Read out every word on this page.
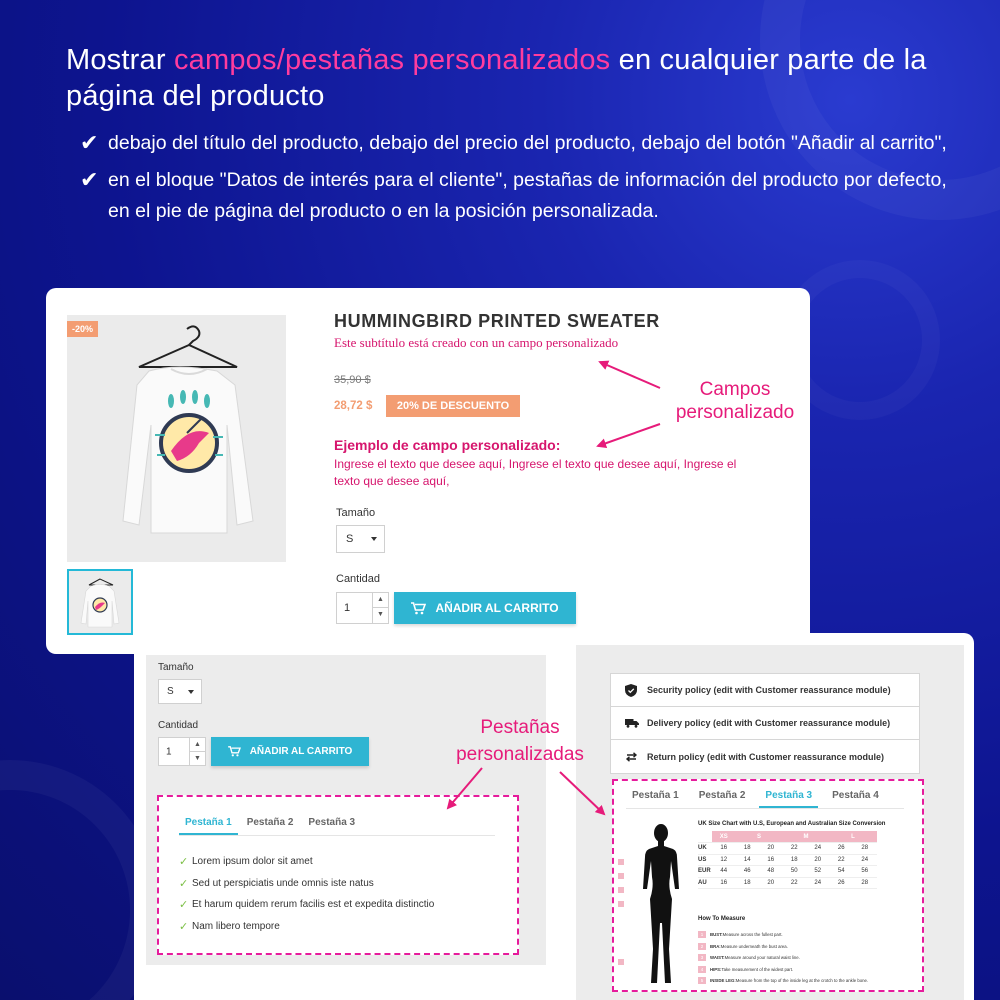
Mostrar campos/pestañas personalizados en cualquier parte de la página del producto
✔ debajo del título del producto, debajo del precio del producto, debajo del botón "Añadir al carrito",
✔ en el bloque "Datos de interés para el cliente", pestañas de información del producto por defecto, en el pie de página del producto o en la posición personalizada.
-20%	HUMMINGBIRD PRINTED SWEATER
Este subtítulo está creado con un campo personalizado
35,90 $
28,72 $	20% DE DESCUENTO
Ejemplo de campo personalizado:
Ingrese el texto que desee aquí, Ingrese el texto que desee aquí, Ingrese el texto que desee aquí,
Tamaño
S
Cantidad
1
▲
▼	AÑADIR AL CARRITO
Campos personalizado
Tamaño
S
Cantidad
1
▲
▼
AÑADIR AL CARRITO
Pestaña 1	Pestaña 2	Pestaña 3
✓ Lorem ipsum dolor sit amet
✓ Sed ut perspiciatis unde omnis iste natus
✓ Et harum quidem rerum facilis est et expedita distinctio
✓ Nam libero tempore
Security policy (edit with Customer reassurance module)
Delivery policy (edit with Customer reassurance module)
Return policy (edit with Customer reassurance module)
Pestaña 1	Pestaña 2	Pestaña 3	Pestaña 4
UK Size Chart with U.S, European and Australian Size Conversion
	XS	S		M		L	
UK	16	18	20	22	24	26	28
US	12	14	16	18	20	22	24
EUR	44	46	48	50	52	54	56
AU	16	18	20	22	24	26	28
How To Measure
1	BUST: Measure across the fullest part.
2	BRA: Measure underneath the bust area.
3	WAIST: Measure around your natural waist line.
4	HIPS: Take measurement of the widest part.
5	INSIDE LEG: Measure from the top of the inside leg at the crotch to the ankle bone.
Pestañas personalizadas
